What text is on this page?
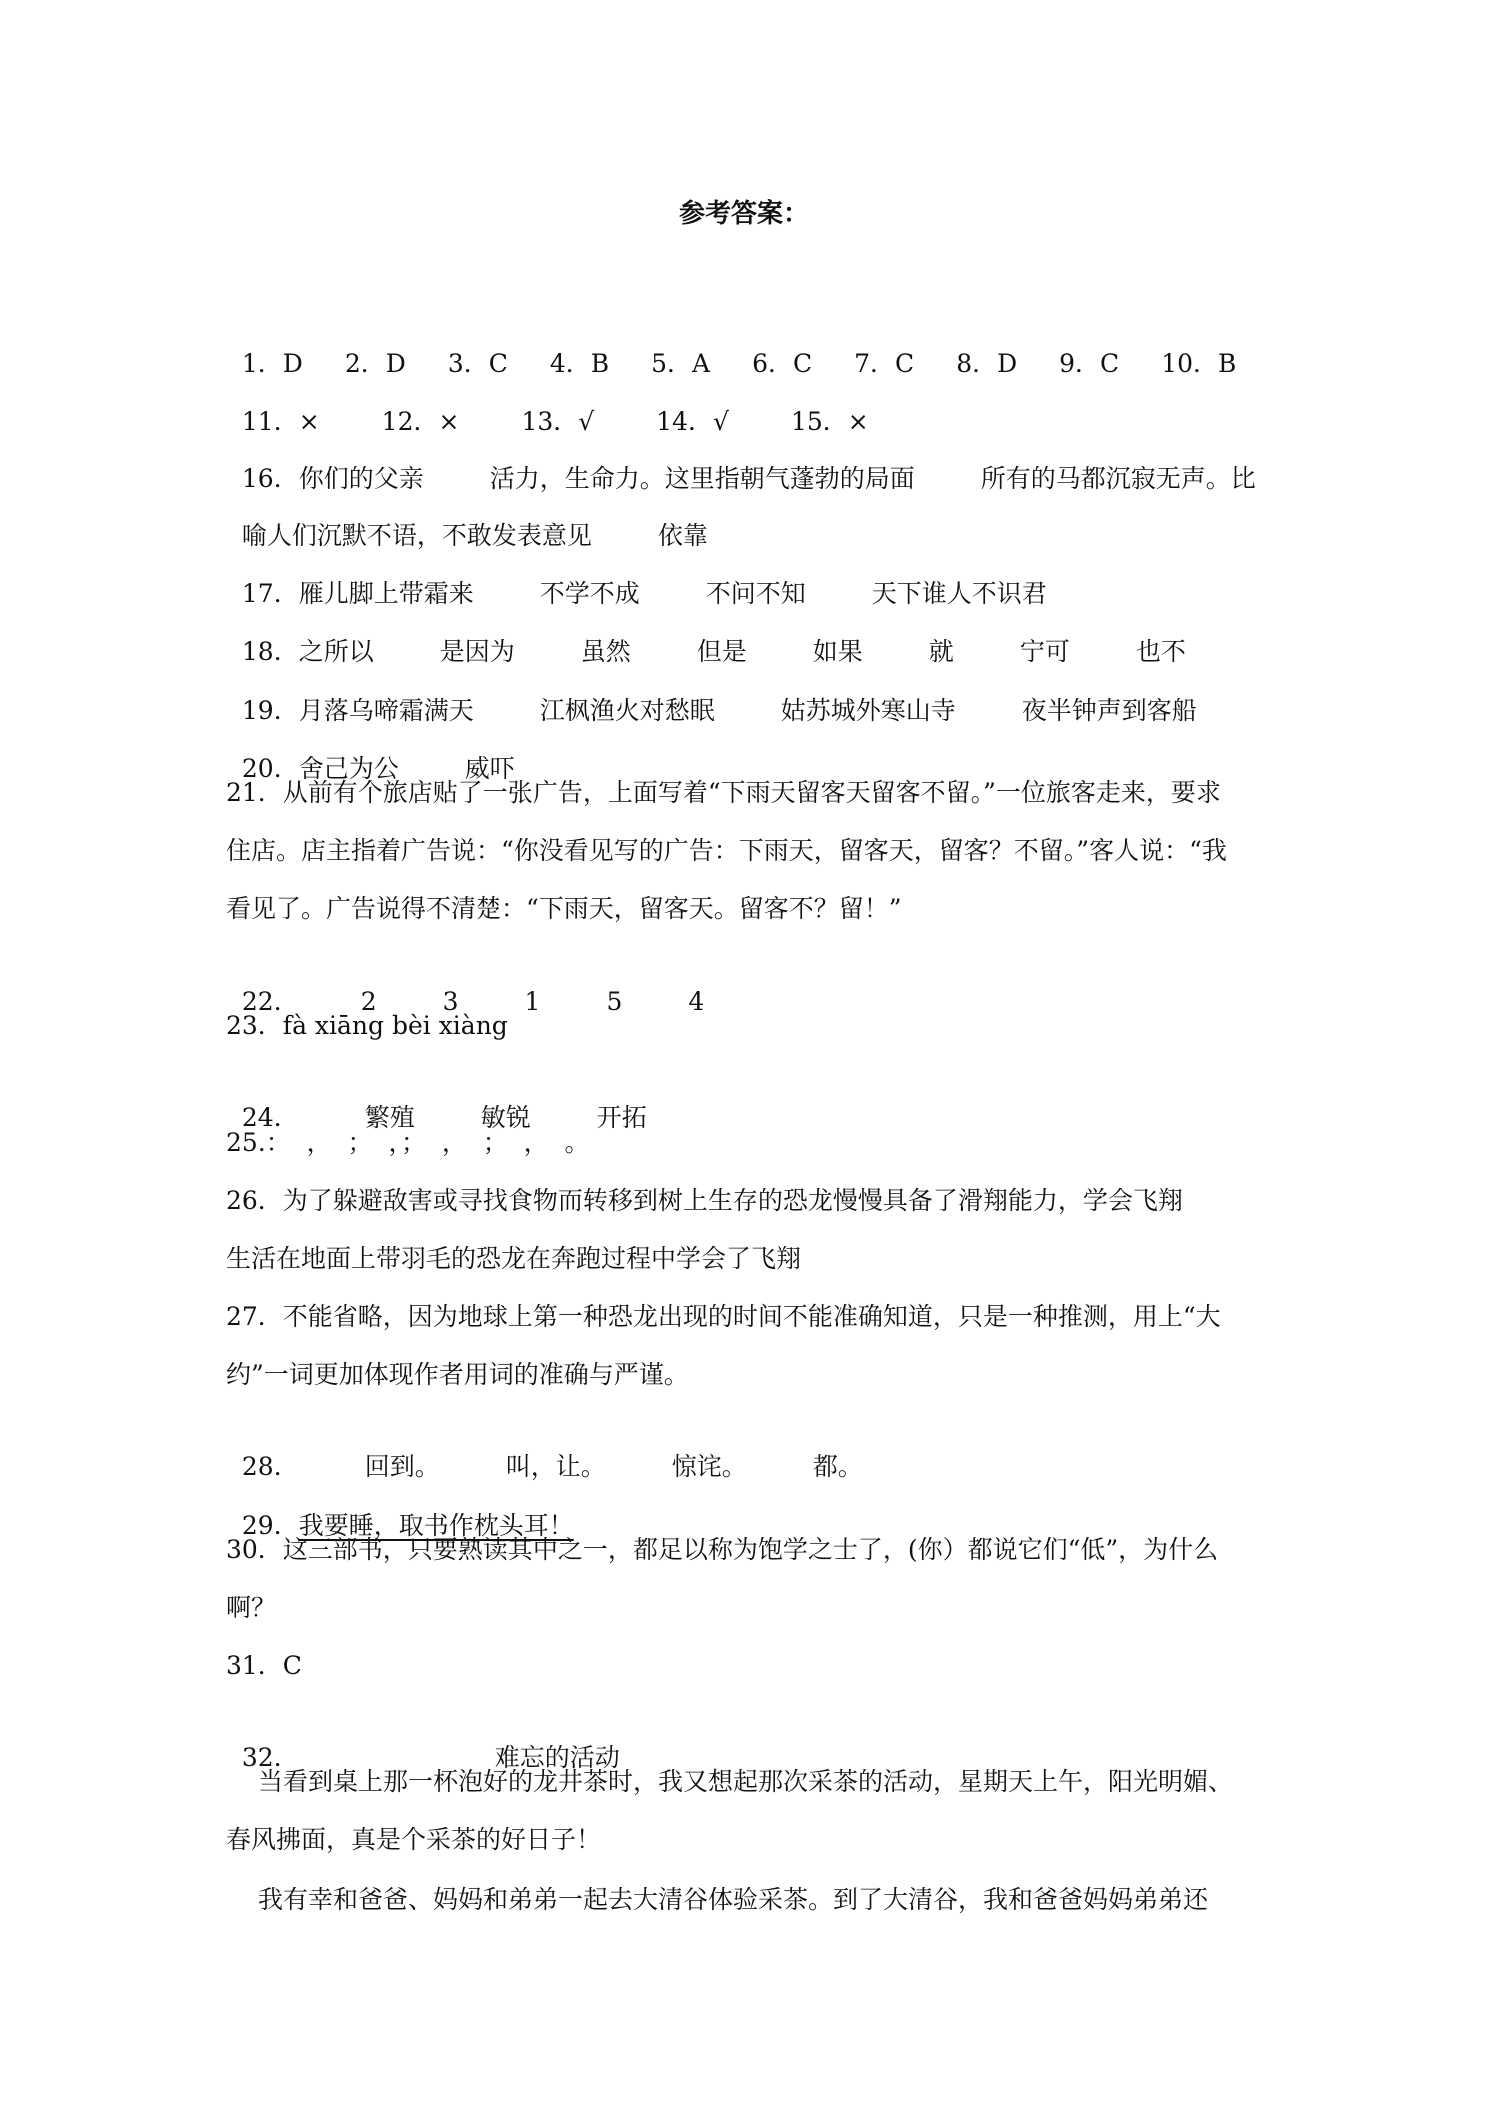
参考答案：

1．D 2．D 3．C 4．B 5．A 6．C 7．C 8．D 9．C 10．B

11．× 12．× 13．√ 14．√ 15．×

16．你们的父亲	活力，生命力。这里指朝气蓬勃的局面	所有的马都沉寂无声。比

喻人们沉默不语，不敢发表意见	依靠

17．雁儿脚上带霜来	不学不成	不问不知	天下谁人不识君

18．之所以	是因为	虽然	但是	如果	就	宁可	也不

19．月落乌啼霜满天	江枫渔火对愁眠	姑苏城外寒山寺	夜半钟声到客船

20．舍己为公	威吓

21．从前有个旅店贴了一张广告，上面写着“下雨天留客天留客不留。”一位旅客走来，要求
住店。店主指着广告说：“你没看见写的广告：下雨天，留客天，留客？不留。”客人说：“我
看见了。广告说得不清楚：“下雨天，留客天。留客不？留！”

22． 2	3	1	5	4

23．fà xiāng bèi xiàng

24．	繁殖	敏锐	开拓

25.：  ，  ；  ，；  ，  ；  ，  。
26．为了躲避敌害或寻找食物而转移到树上生存的恐龙慢慢具备了滑翔能力，学会飞翔
生活在地面上带羽毛的恐龙在奔跑过程中学会了飞翔
27．不能省略，因为地球上第一种恐龙出现的时间不能准确知道，只是一种推测，用上“大
约”一词更加体现作者用词的准确与严谨。

28．	回到。	叫，让。	惊诧。	都。

29．我要睡，取书作枕头耳！

30．这三部书，只要熟读其中之一，都足以称为饱学之士了，(你）都说它们“低”，为什么
啊？
31．C

32．	难忘的活动

当看到桌上那一杯泡好的龙井茶时，我又想起那次采茶的活动，星期天上午，阳光明媚、
春风拂面，真是个采茶的好日子！
我有幸和爸爸、妈妈和弟弟一起去大清谷体验采茶。到了大清谷，我和爸爸妈妈弟弟还
